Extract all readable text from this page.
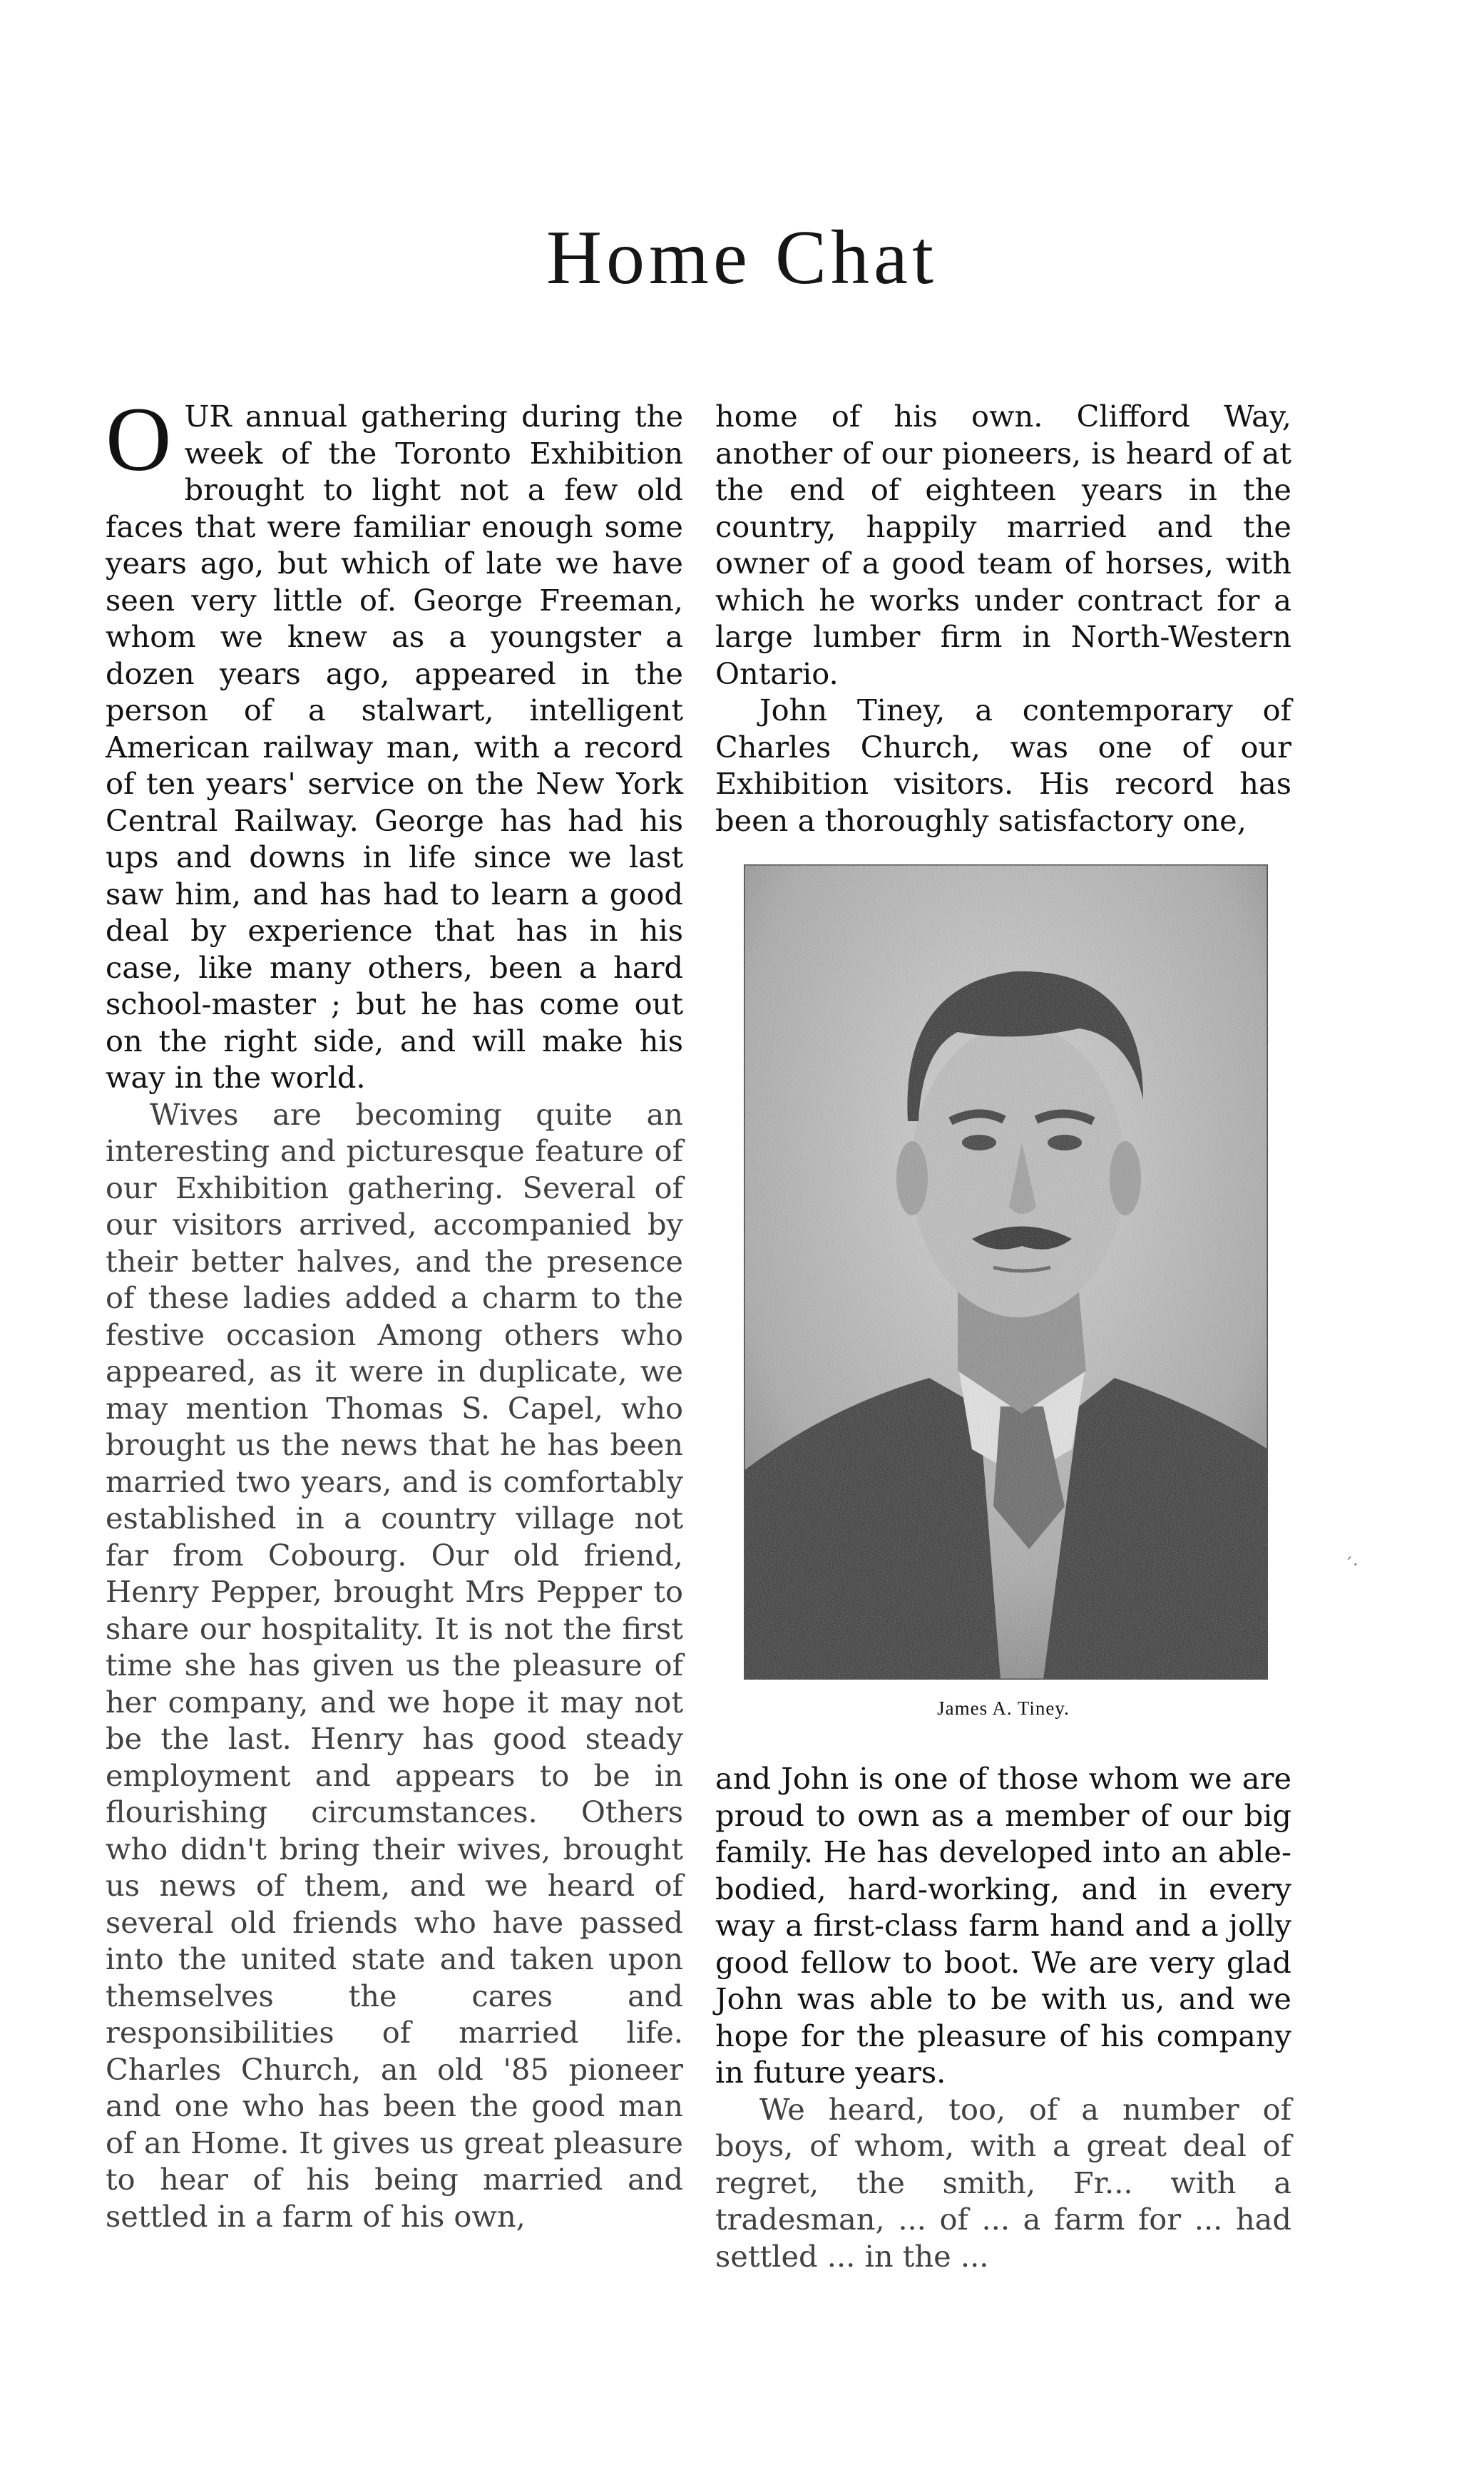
Home Chat

OUR annual gathering during the week of the Toronto Exhibition brought to light not a few old faces that were familiar enough some years ago, but which of late we have seen very little of. George Freeman, whom we knew as a youngster a dozen years ago, appeared in the person of a stalwart, intelligent American railway man, with a record of ten years' service on the New York Central Railway. George has had his ups and downs in life since we last saw him, and has had to learn a good deal by experience that has in his case, like many others, been a hard school-master ; but he has come out on the right side, and will make his way in the world.

Wives are becoming quite an interesting and picturesque feature of our Exhibition gathering. Several of our visitors arrived, accompanied by their better halves, and the presence of these ladies added a charm to the festive occasion Among others who appeared, as it were in duplicate, we may mention Thomas S. Capel, who brought us the news that he has been married two years, and is comfortably established in a country village not far from Cobourg. Our old friend, Henry Pepper, brought Mrs Pepper to share our hospitality. It is not the first time she has given us the pleasure of her company, and we hope it may not be the last. Henry has good steady employment and appears to be in flourishing circumstances. Others who didn't bring their wives, brought us news of them, and we heard of several old friends who have passed into the united state and taken upon themselves the cares and responsibilities of married life. Charles Church, an old '85 pioneer and one who has been the good man of an Home. It gives us great pleasure to hear of his being married and settled in a farm of his own,

home of his own. Clifford Way, another of our pioneers, is heard of at the end of eighteen years in the country, happily married and the owner of a good team of horses, with which he works under contract for a large lumber firm in North-Western Ontario.

John Tiney, a contemporary of Charles Church, was one of our Exhibition visitors. His record has been a thoroughly satisfactory one,

James A. Tiney.

and John is one of those whom we are proud to own as a member of our big family. He has developed into an able-bodied, hard-working, and in every way a first-class farm hand and a jolly good fellow to boot. We are very glad John was able to be with us, and we hope for the pleasure of his company in future years.

We heard, too, of a number of boys, of whom, with a great deal of regret, the smith, Fr... with a tradesman, ... of ... a farm for ... had settled ... in the ...

´·
